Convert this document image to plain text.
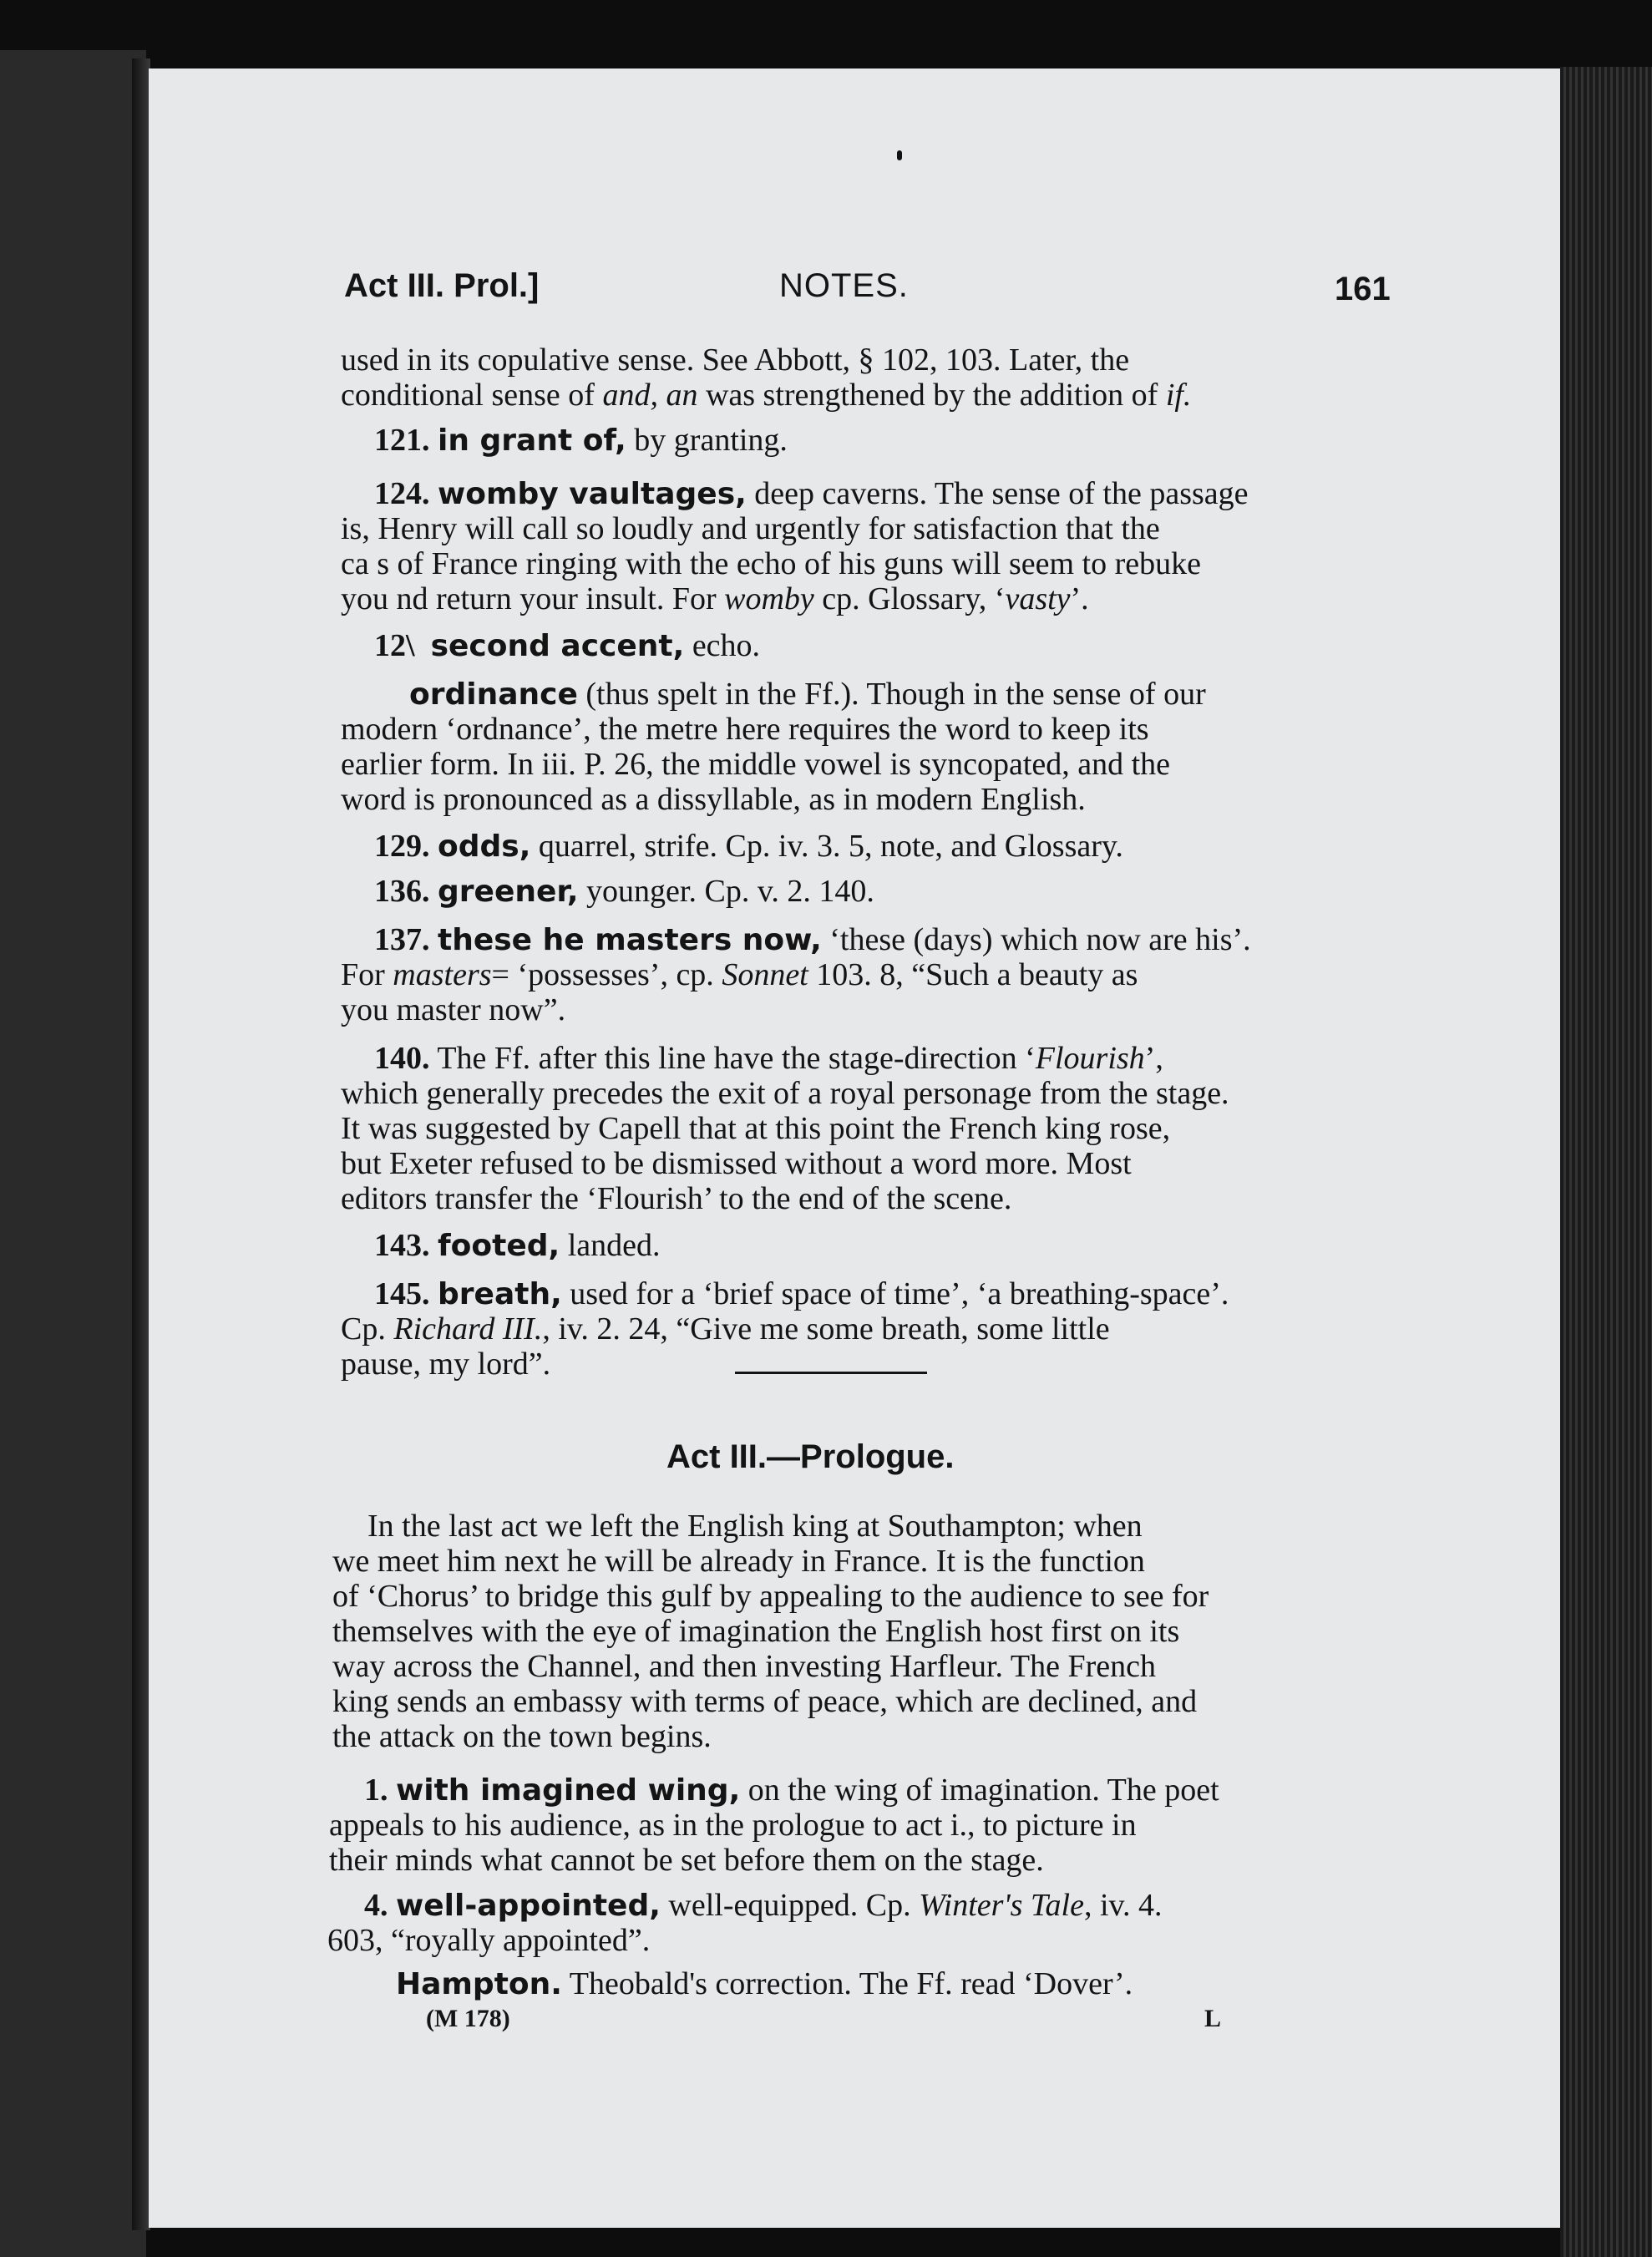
Act III. Prol.]	NOTES.	161
used in its copulative sense. See Abbott, § 102, 103. Later, the
conditional sense of and, an was strengthened by the addition of if.
121. in grant of, by granting.
124. womby vaultages, deep caverns. The sense of the passage
is, Henry will call so loudly and urgently for satisfaction that the
ca s of France ringing with the echo of his guns will seem to rebuke
you nd return your insult. For womby cp. Glossary, ‘vasty’.
12\ second accent, echo.
ordinance (thus spelt in the Ff.). Though in the sense of our
modern ‘ordnance’, the metre here requires the word to keep its
earlier form. In iii. P. 26, the middle vowel is syncopated, and the
word is pronounced as a dissyllable, as in modern English.
129. odds, quarrel, strife. Cp. iv. 3. 5, note, and Glossary.
136. greener, younger. Cp. v. 2. 140.
137. these he masters now, ‘these (days) which now are his’.
For masters= ‘possesses’, cp. Sonnet 103. 8, “Such a beauty as
you master now”.
140. The Ff. after this line have the stage-direction ‘Flourish’,
which generally precedes the exit of a royal personage from the stage.
It was suggested by Capell that at this point the French king rose,
but Exeter refused to be dismissed without a word more. Most
editors transfer the ‘Flourish’ to the end of the scene.
143. footed, landed.
145. breath, used for a ‘brief space of time’, ‘a breathing-space’.
Cp. Richard III., iv. 2. 24, “Give me some breath, some little
pause, my lord”.
Act III.—Prologue.
In the last act we left the English king at Southampton; when
we meet him next he will be already in France. It is the function
of ‘Chorus’ to bridge this gulf by appealing to the audience to see for
themselves with the eye of imagination the English host first on its
way across the Channel, and then investing Harfleur. The French
king sends an embassy with terms of peace, which are declined, and
the attack on the town begins.
1. with imagined wing, on the wing of imagination. The poet
appeals to his audience, as in the prologue to act i., to picture in
their minds what cannot be set before them on the stage.
4. well-appointed, well-equipped. Cp. Winter's Tale, iv. 4.
603, “royally appointed”.
Hampton. Theobald's correction. The Ff. read ‘Dover’.
(M 178)	L
